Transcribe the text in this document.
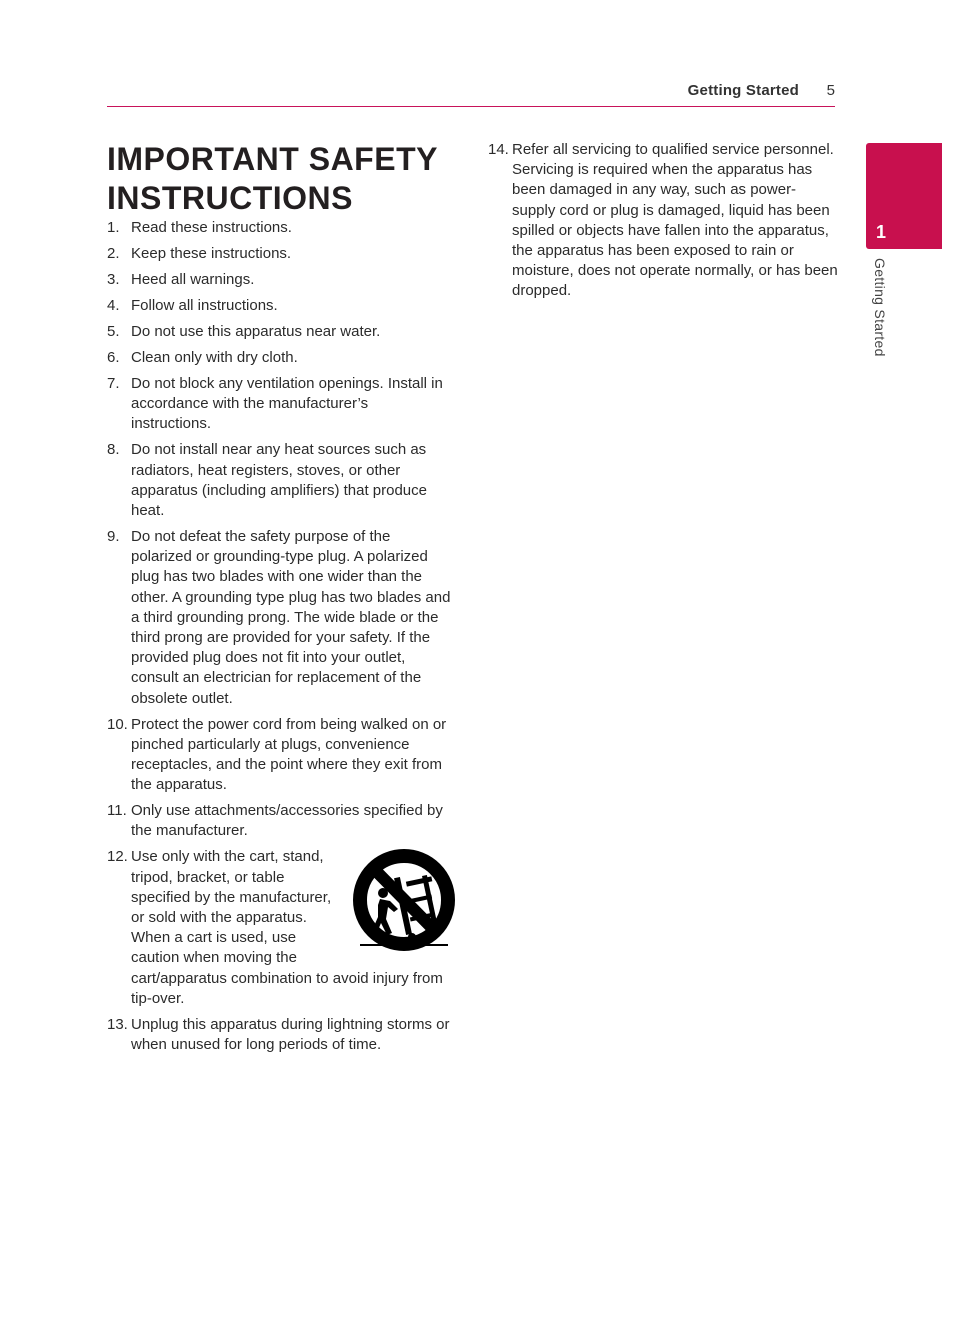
Getting Started 5
IMPORTANT SAFETY INSTRUCTIONS
1. Read these instructions.
2. Keep these instructions.
3. Heed all warnings.
4. Follow all instructions.
5. Do not use this apparatus near water.
6. Clean only with dry cloth.
7. Do not block any ventilation openings. Install in accordance with the manufacturer’s instructions.
8. Do not install near any heat sources such as radiators, heat registers, stoves, or other apparatus (including amplifiers) that produce heat.
9. Do not defeat the safety purpose of the polarized or grounding-type plug. A polarized plug has two blades with one wider than the other. A grounding type plug has two blades and a third grounding prong. The wide blade or the third prong are provided for your safety. If the provided plug does not fit into your outlet, consult an electrician for replacement of the obsolete outlet.
10. Protect the power cord from being walked on or pinched particularly at plugs, convenience receptacles, and the point where they exit from the apparatus.
11. Only use attachments/accessories specified by the manufacturer.
12. Use only with the cart, stand, tripod, bracket, or table specified by the manufacturer, or sold with the apparatus. When a cart is used, use caution when moving the cart/apparatus combination to avoid injury from tip-over.
13. Unplug this apparatus during lightning storms or when unused for long periods of time.
14. Refer all servicing to qualified service personnel. Servicing is required when the apparatus has been damaged in any way, such as power-supply cord or plug is damaged, liquid has been spilled or objects have fallen into the apparatus, the apparatus has been exposed to rain or moisture, does not operate normally, or has been dropped.
1
Getting Started
